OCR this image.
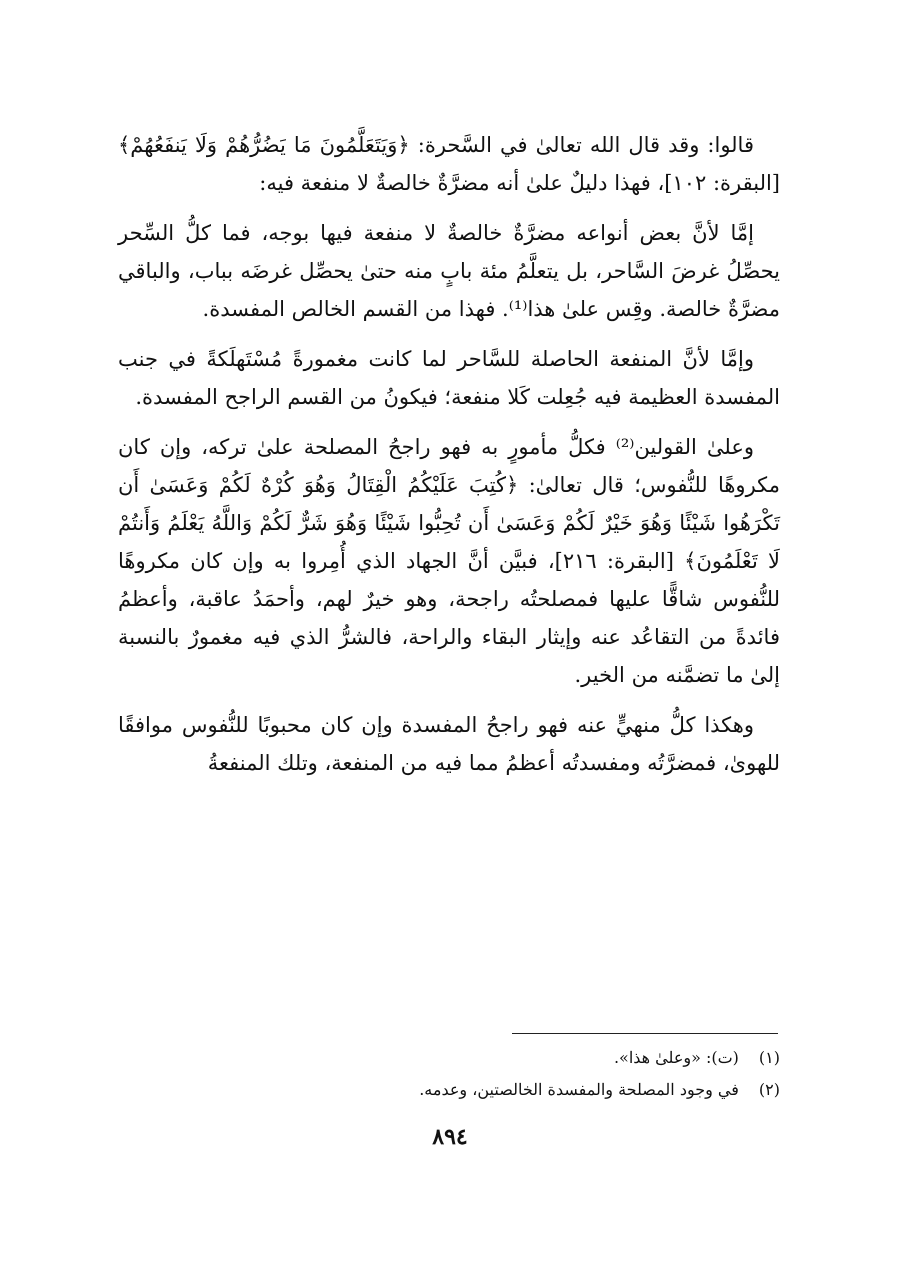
قالوا: وقد قال الله تعالىٰ في السَّحرة: ﴿وَيَتَعَلَّمُونَ مَا يَضُرُّهُمْ وَلَا يَنفَعُهُمْ﴾ [البقرة: ١٠٢]، فهذا دليلٌ علىٰ أنه مضرَّةٌ خالصةٌ لا منفعة فيه:

إمَّا لأنَّ بعض أنواعه مضرَّةٌ خالصةٌ لا منفعة فيها بوجه، فما كلُّ السِّحر يحصِّلُ غرضَ السَّاحر، بل يتعلَّمُ مئة بابٍ منه حتىٰ يحصِّل غرضَه بباب، والباقي مضرَّةٌ خالصة. وقِس علىٰ هذا⁽¹⁾. فهذا من القسم الخالص المفسدة.

وإمَّا لأنَّ المنفعة الحاصلة للسَّاحر لما كانت مغمورةً مُسْتَهلَكةً في جنب المفسدة العظيمة فيه جُعِلت كَلا منفعة؛ فيكونُ من القسم الراجح المفسدة.

وعلىٰ القولين⁽²⁾ فكلُّ مأمورٍ به فهو راجحُ المصلحة علىٰ تركه، وإن كان مكروهًا للنُّفوس؛ قال تعالىٰ: ﴿كُتِبَ عَلَيْكُمُ الْقِتَالُ وَهُوَ كُرْهٌ لَكُمْ وَعَسَىٰ أَن تَكْرَهُوا شَيْئًا وَهُوَ خَيْرٌ لَكُمْ وَعَسَىٰ أَن تُحِبُّوا شَيْئًا وَهُوَ شَرٌّ لَكُمْ وَاللَّهُ يَعْلَمُ وَأَنتُمْ لَا تَعْلَمُونَ﴾ [البقرة: ٢١٦]، فبيَّن أنَّ الجهاد الذي أُمِروا به وإن كان مكروهًا للنُّفوس شاقًّا عليها فمصلحتُه راجحة، وهو خيرٌ لهم، وأحمَدُ عاقبة، وأعظمُ فائدةً من التقاعُد عنه وإيثار البقاء والراحة، فالشرُّ الذي فيه مغمورٌ بالنسبة إلىٰ ما تضمَّنه من الخير.

وهكذا كلُّ منهيٍّ عنه فهو راجحُ المفسدة وإن كان محبوبًا للنُّفوس موافقًا للهوىٰ، فمضرَّتُه ومفسدتُه أعظمُ مما فيه من المنفعة، وتلك المنفعةُ

(١) (ت): «وعلىٰ هذا».

(٢) في وجود المصلحة والمفسدة الخالصتين، وعدمه.

٨٩٤
